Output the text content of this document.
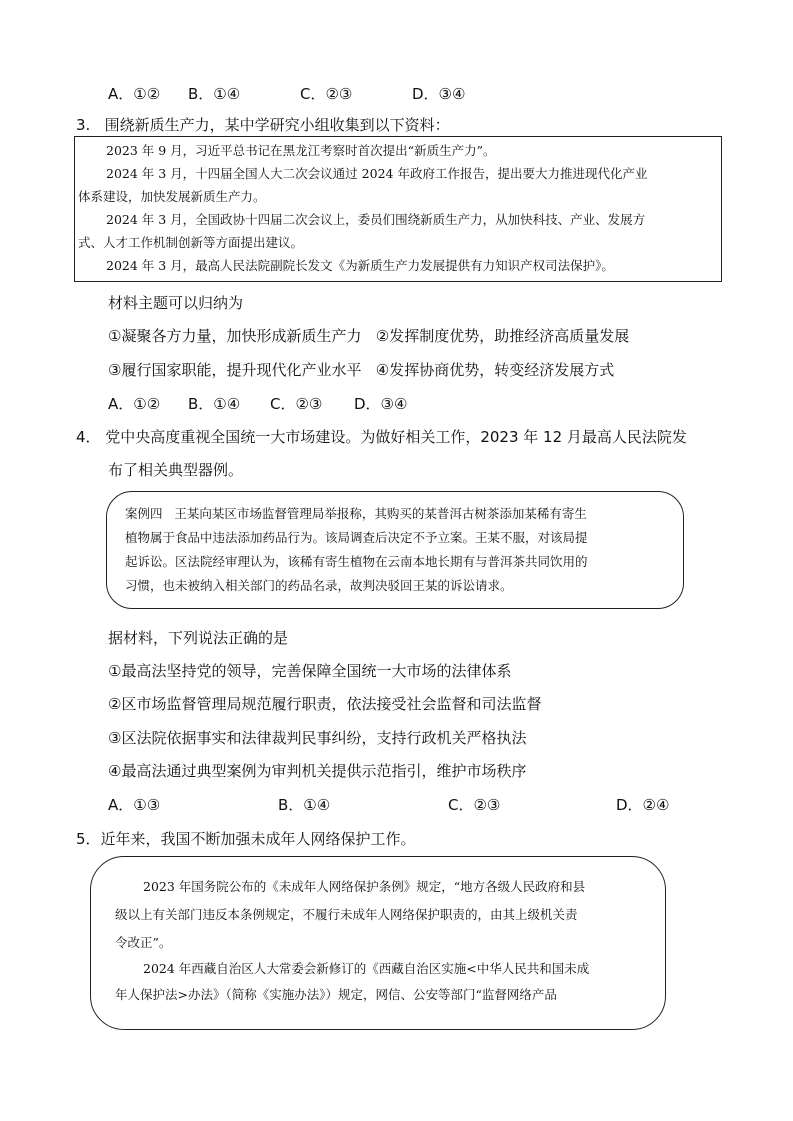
A．①② B．①④	C．②③	D．③④
3.   围绕新质生产力，某中学研究小组收集到以下资料：
2023 年 9 月，习近平总书记在黑龙江考察时首次提出“新质生产力”。
2024 年 3 月，十四届全国人大二次会议通过 2024 年政府工作报告，提出要大力推进现代化产业
体系建设，加快发展新质生产力。
2024 年 3 月，全国政协十四届二次会议上，委员们围绕新质生产力，从加快科技、产业、发展方
式、人才工作机制创新等方面提出建议。
2024 年 3 月，最高人民法院副院长发文《为新质生产力发展提供有力知识产权司法保护》。
材料主题可以归纳为
①凝聚各方力量，加快形成新质生产力   ②发挥制度优势，助推经济高质量发展
③履行国家职能，提升现代化产业水平   ④发挥协商优势，转变经济发展方式
A．①② B．①④ C．②③ D．③④
4． 党中央高度重视全国统一大市场建设。为做好相关工作，2023 年 12 月最高人民法院发
布了相关典型器例。
案例四   王某向某区市场监督管理局举报称，其购买的某普洱古树茶添加某稀有寄生
植物属于食品中违法添加药品行为。该局调查后决定不予立案。王某不服，对该局提
起诉讼。区法院经审理认为，该稀有寄生植物在云南本地长期有与普洱茶共同饮用的
习惯，也未被纳入相关部门的药品名录，故判决驳回王某的诉讼请求。
据材料，下列说法正确的是
①最高法坚持党的领导，完善保障全国统一大市场的法律体系
②区市场监督管理局规范履行职责，依法接受社会监督和司法监督
③区法院依据事实和法律裁判民事纠纷，支持行政机关严格执法
④最高法通过典型案例为审判机关提供示范指引，维护市场秩序
A．①③	B．①④	C．②③	D．②④
5．近年来，我国不断加强未成年人网络保护工作。
2023 年国务院公布的《未成年人网络保护条例》规定，“地方各级人民政府和县
级以上有关部门违反本条例规定，不履行未成年人网络保护职责的，由其上级机关责
令改正”。
2024 年西藏自治区人大常委会新修订的《西藏自治区实施<中华人民共和国未成
年人保护法>办法》（简称《实施办法》）规定，网信、公安等部门“监督网络产品
